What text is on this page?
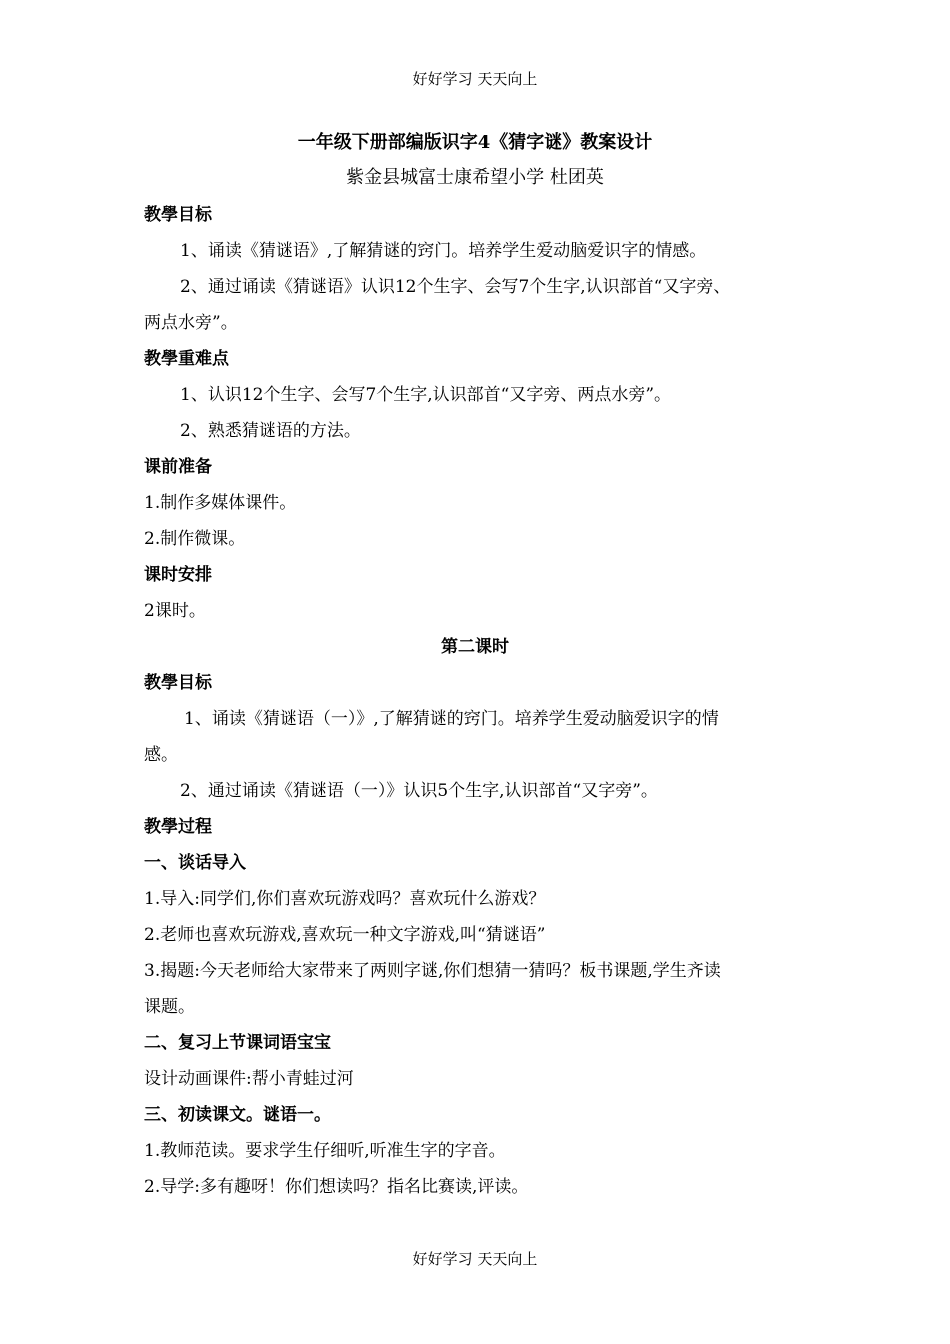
好好学习 天天向上
一年级下册部编版识字4《猜字谜》教案设计
紫金县城富士康希望小学 杜团英
教學目标
1、诵读《猜谜语》,了解猜谜的窍门。培养学生爱动脑爱识字的情感。
2、通过诵读《猜谜语》认识12个生字、会写7个生字,认识部首“又字旁、
两点水旁”。
教學重难点
1、认识12个生字、会写7个生字,认识部首“又字旁、两点水旁”。
2、熟悉猜谜语的方法。
课前准备
1.制作多媒体课件。
2.制作微课。
课时安排
2课时。
第二课时
教學目标
1、诵读《猜谜语（一）》,了解猜谜的窍门。培养学生爱动脑爱识字的情
感。
2、通过诵读《猜谜语（一）》认识5个生字,认识部首“又字旁”。
教學过程
一、谈话导入
1.导入:同学们,你们喜欢玩游戏吗？喜欢玩什么游戏？
2.老师也喜欢玩游戏,喜欢玩一种文字游戏,叫“猜谜语”
3.揭题:今天老师给大家带来了两则字谜,你们想猜一猜吗？板书课题,学生齐读
课题。
二、复习上节课词语宝宝
设计动画课件:帮小青蛙过河
三、初读课文。谜语一。
1.教师范读。要求学生仔细听,听准生字的字音。
2.导学:多有趣呀！你们想读吗？指名比赛读,评读。
好好学习 天天向上
